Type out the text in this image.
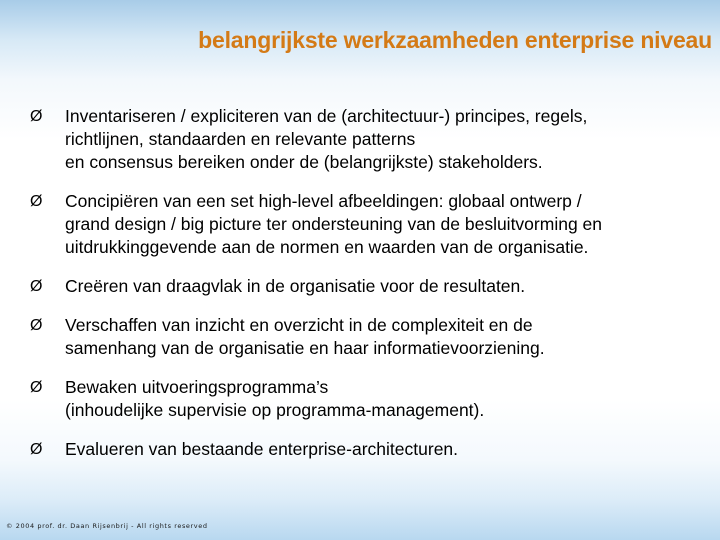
belangrijkste werkzaamheden enterprise niveau
Ø Inventariseren / expliciteren van de (architectuur-) principes, regels,
richtlijnen, standaarden en relevante patterns
en consensus bereiken onder de (belangrijkste) stakeholders.
Ø Concipiëren van een set high-level afbeeldingen: globaal ontwerp /
grand design / big picture ter ondersteuning van de besluitvorming en
uitdrukkinggevende aan de normen en waarden van de organisatie.
Ø Creëren van draagvlak in de organisatie voor de resultaten.
Ø Verschaffen van inzicht en overzicht in de complexiteit en de
samenhang van de organisatie en haar informatievoorziening.
Ø Bewaken uitvoeringsprogramma’s
(inhoudelijke supervisie op programma-management).
Ø Evalueren van bestaande enterprise-architecturen.
© 2004 prof. dr. Daan Rijsenbrij - All rights reserved
